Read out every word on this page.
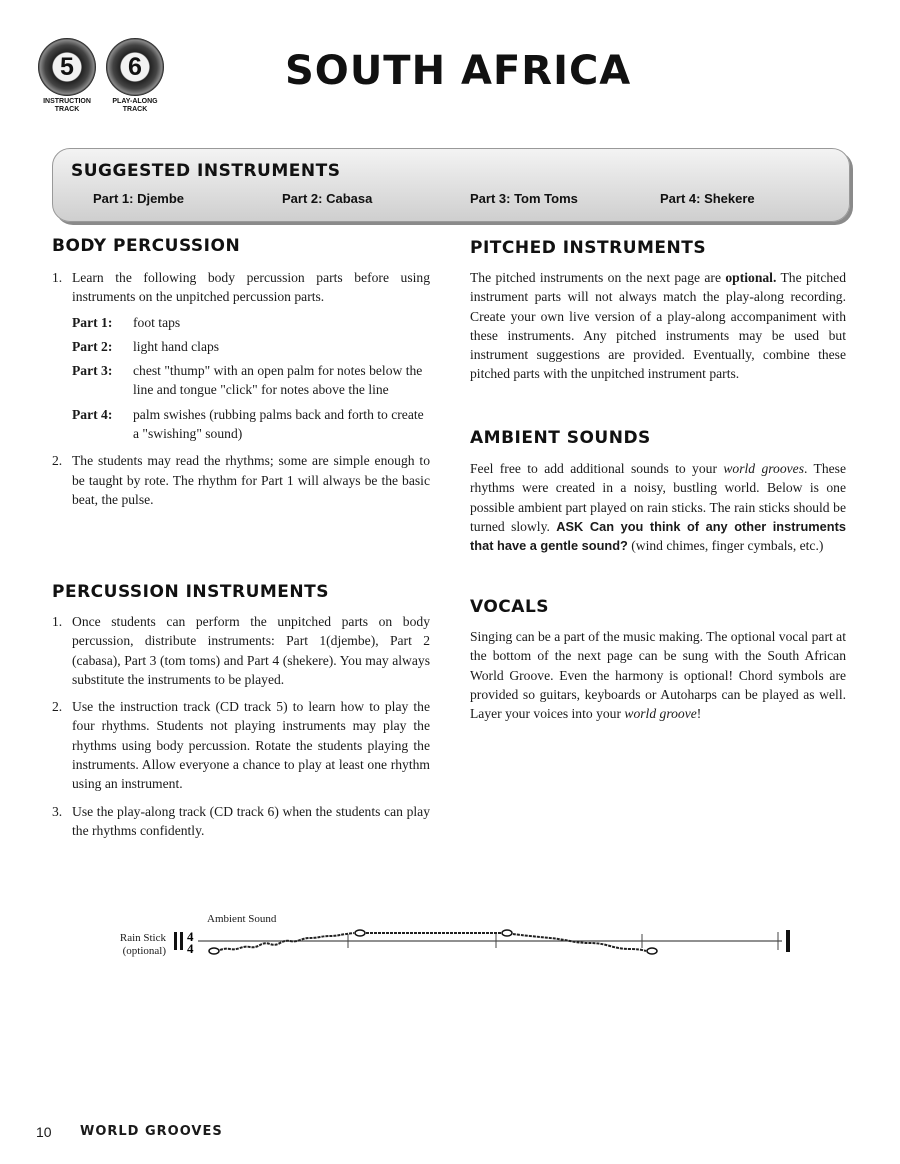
5
INSTRUCTION TRACK
6
PLAY-ALONG TRACK
SOUTH AFRICA
SUGGESTED INSTRUMENTS
Part 1: Djembe	Part 2: Cabasa	Part 3: Tom Toms	Part 4: Shekere
BODY PERCUSSION
1. Learn the following body percussion parts before using instruments on the unpitched percussion parts.
Part 1:	foot taps
Part 2:	light hand claps
Part 3:	chest "thump" with an open palm for notes below the line and tongue "click" for notes above the line
Part 4:	palm swishes (rubbing palms back and forth to create a "swishing" sound)
2. The students may read the rhythms; some are simple enough to be taught by rote. The rhythm for Part 1 will always be the basic beat, the pulse.
PERCUSSION INSTRUMENTS
1. Once students can perform the unpitched parts on body percussion, distribute instruments: Part 1(djembe), Part 2 (cabasa), Part 3 (tom toms) and Part 4 (shekere). You may always substitute the instruments to be played.
2. Use the instruction track (CD track 5) to learn how to play the four rhythms. Students not playing instruments may play the rhythms using body percussion. Rotate the students playing the instruments. Allow everyone a chance to play at least one rhythm using an instrument.
3. Use the play-along track (CD track 6) when the students can play the rhythms confidently.
PITCHED INSTRUMENTS
The pitched instruments on the next page are optional. The pitched instrument parts will not always match the play-along recording. Create your own live version of a play-along accompaniment with these instruments. Any pitched instruments may be used but instrument suggestions are provided. Eventually, combine these pitched parts with the unpitched instrument parts.
AMBIENT SOUNDS
Feel free to add additional sounds to your world grooves. These rhythms were created in a noisy, bustling world. Below is one possible ambient part played on rain sticks. The rain sticks should be turned slowly. ASK Can you think of any other instruments that have a gentle sound? (wind chimes, finger cymbals, etc.)
VOCALS
Singing can be a part of the music making. The optional vocal part at the bottom of the next page can be sung with the South African World Groove. Even the harmony is optional! Chord symbols are provided so guitars, keyboards or Autoharps can be played as well. Layer your voices into your world groove!
Rain Stick
(optional)
Ambient Sound
4
4
10 WORLD GROOVES
